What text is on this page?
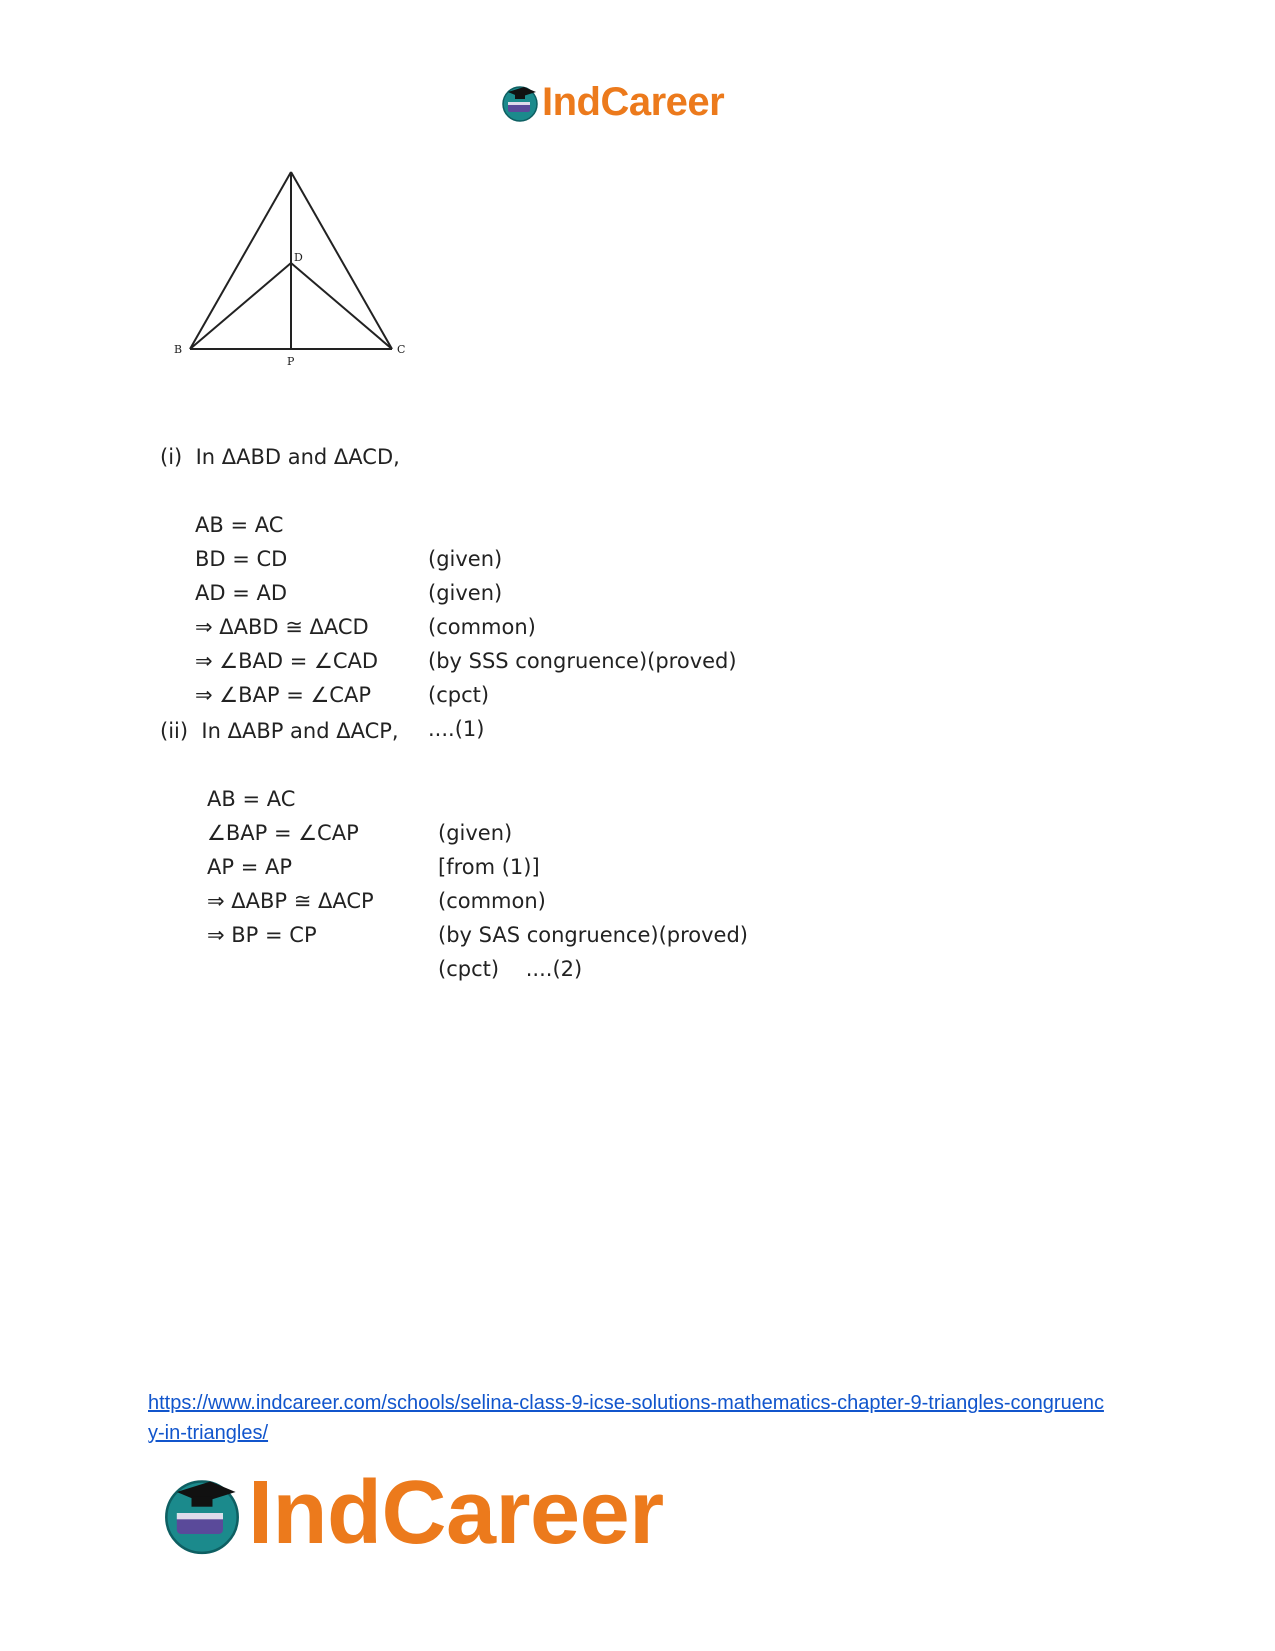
IndCareer
B	C
D
P
(i)  In ΔABD and ΔACD,

AB = AC

(given)

BD = CD

(given)

AD = AD

(common)

⇒ ΔABD ≅ ΔACD

(by SSS congruence)(proved)

⇒ ∠BAD = ∠CAD

(cpct)

⇒ ∠BAP = ∠CAP

....(1)

(ii)  In ΔABP and ΔACP,

AB = AC

(given)

∠BAP = ∠CAP

[from (1)]

AP = AP

(common)

⇒ ΔABP ≅ ΔACP

(by SAS congruence)(proved)

⇒ BP = CP

(cpct)    ....(2)

https://www.indcareer.com/schools/selina-class-9-icse-solutions-mathematics-chapter-9-triangles-congruency-in-triangles/
IndCareer
